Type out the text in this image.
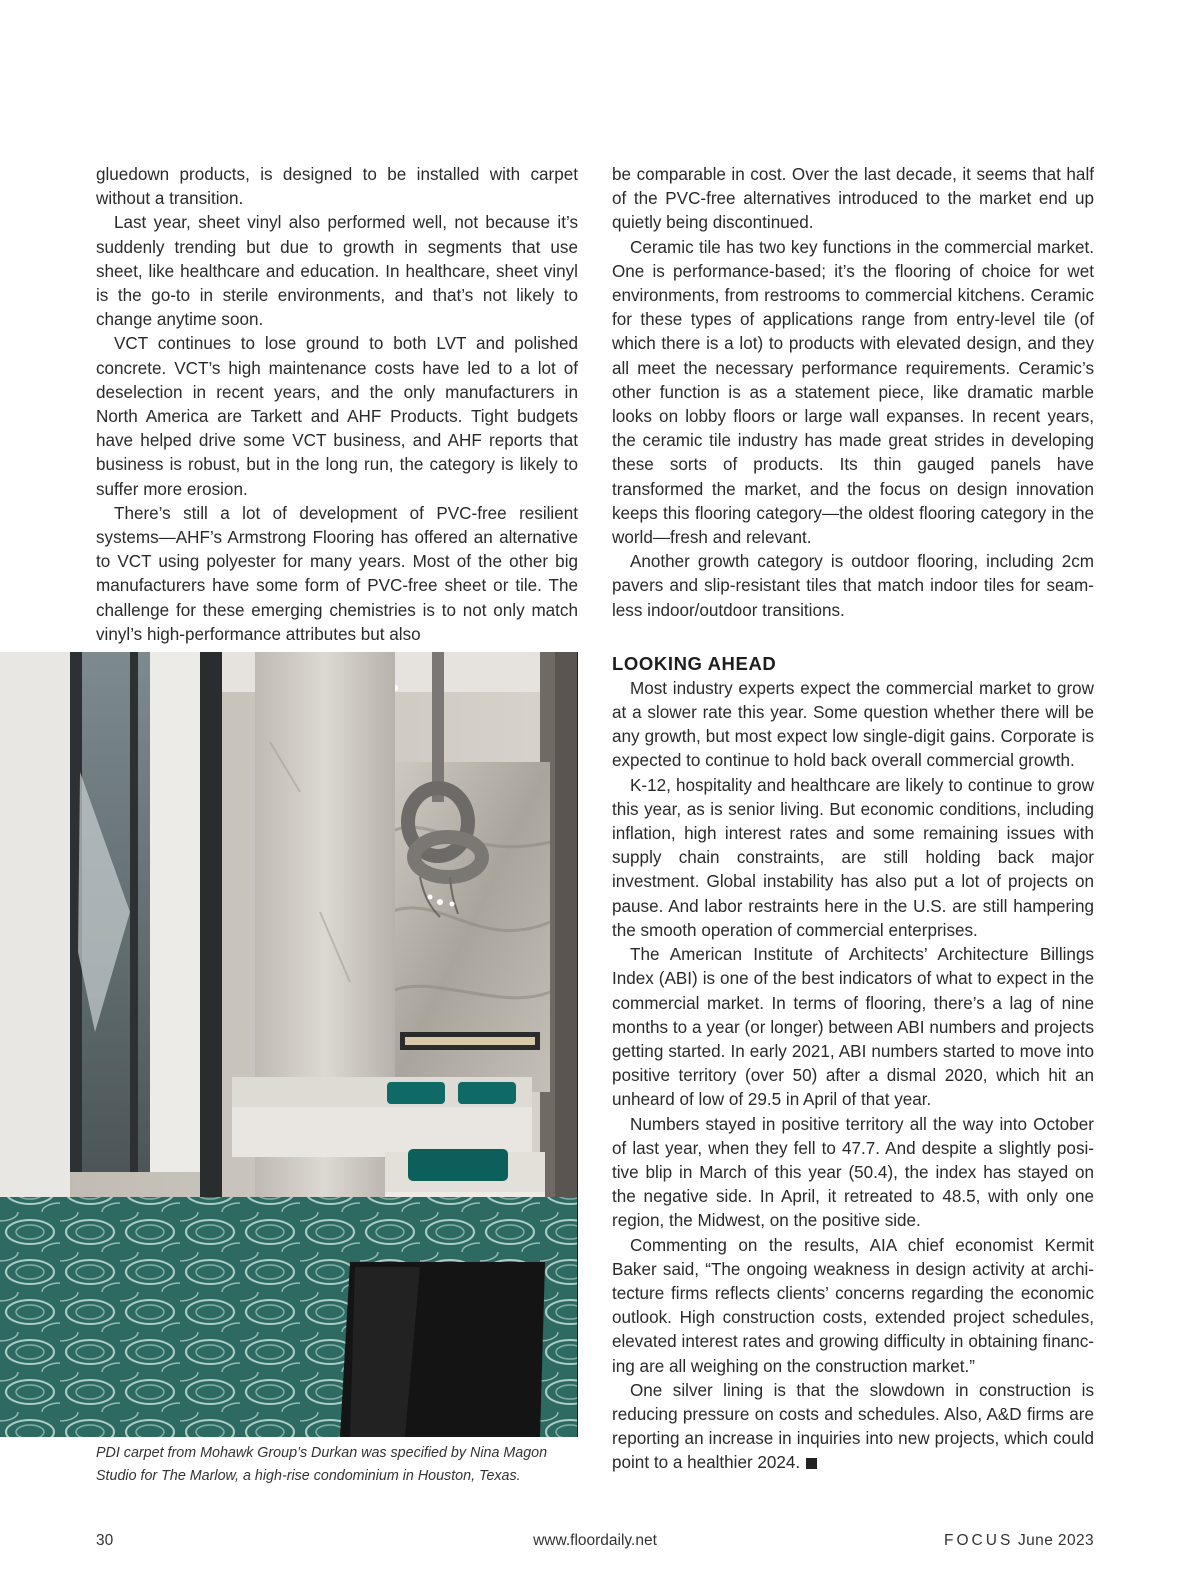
gluedown products, is designed to be installed with carpet without a transition.

Last year, sheet vinyl also performed well, not because it’s suddenly trending but due to growth in segments that use sheet, like healthcare and education. In healthcare, sheet vinyl is the go-to in sterile environments, and that’s not likely to change anytime soon.

VCT continues to lose ground to both LVT and polished concrete. VCT’s high maintenance costs have led to a lot of deselection in recent years, and the only manufacturers in North America are Tarkett and AHF Products. Tight budgets have helped drive some VCT business, and AHF reports that business is robust, but in the long run, the category is likely to suffer more erosion.

There’s still a lot of development of PVC-free resilient systems—AHF’s Armstrong Flooring has offered an alternative to VCT using polyester for many years. Most of the other big manufacturers have some form of PVC-free sheet or tile. The challenge for these emerging chemistries is to not only match vinyl’s high-performance attributes but also

be comparable in cost. Over the last decade, it seems that half of the PVC-free alternatives introduced to the market end up quietly being discontinued.

Ceramic tile has two key functions in the commercial market. One is performance-based; it’s the flooring of choice for wet environments, from restrooms to commercial kitchens. Ceramic for these types of applications range from entry-level tile (of which there is a lot) to products with elevated design, and they all meet the necessary performance requirements. Ceramic’s other function is as a statement piece, like dramatic marble looks on lobby floors or large wall expanses. In recent years, the ceramic tile industry has made great strides in developing these sorts of products. Its thin gauged panels have transformed the market, and the focus on design innovation keeps this flooring category—the oldest flooring category in the world—fresh and relevant.

Another growth category is outdoor flooring, including 2cm pavers and slip-resistant tiles that match indoor tiles for seamless indoor/outdoor transitions.

LOOKING AHEAD

Most industry experts expect the commercial market to grow at a slower rate this year. Some question whether there will be any growth, but most expect low single-digit gains. Corporate is expected to continue to hold back overall commercial growth.

K-12, hospitality and healthcare are likely to continue to grow this year, as is senior living. But economic conditions, including inflation, high interest rates and some remaining issues with supply chain constraints, are still holding back major investment. Global instability has also put a lot of projects on pause. And labor restraints here in the U.S. are still hampering the smooth operation of commercial enterprises.

The American Institute of Architects’ Architecture Billings Index (ABI) is one of the best indicators of what to expect in the commercial market. In terms of flooring, there’s a lag of nine months to a year (or longer) between ABI numbers and projects getting started. In early 2021, ABI numbers started to move into positive territory (over 50) after a dismal 2020, which hit an unheard of low of 29.5 in April of that year.

Numbers stayed in positive territory all the way into October of last year, when they fell to 47.7. And despite a slightly positive blip in March of this year (50.4), the index has stayed on the negative side. In April, it retreated to 48.5, with only one region, the Midwest, on the positive side.

Commenting on the results, AIA chief economist Kermit Baker said, “The ongoing weakness in design activity at architecture firms reflects clients’ concerns regarding the economic outlook. High construction costs, extended project schedules, elevated interest rates and growing difficulty in obtaining financing are all weighing on the construction market.”

One silver lining is that the slowdown in construction is reducing pressure on costs and schedules. Also, A&D firms are reporting an increase in inquiries into new projects, which could point to a healthier 2024.

PDI carpet from Mohawk Group’s Durkan was specified by Nina Magon Studio for The Marlow, a high-rise condominium in Houston, Texas.
30	www.floordaily.net	FOCUS June 2023
